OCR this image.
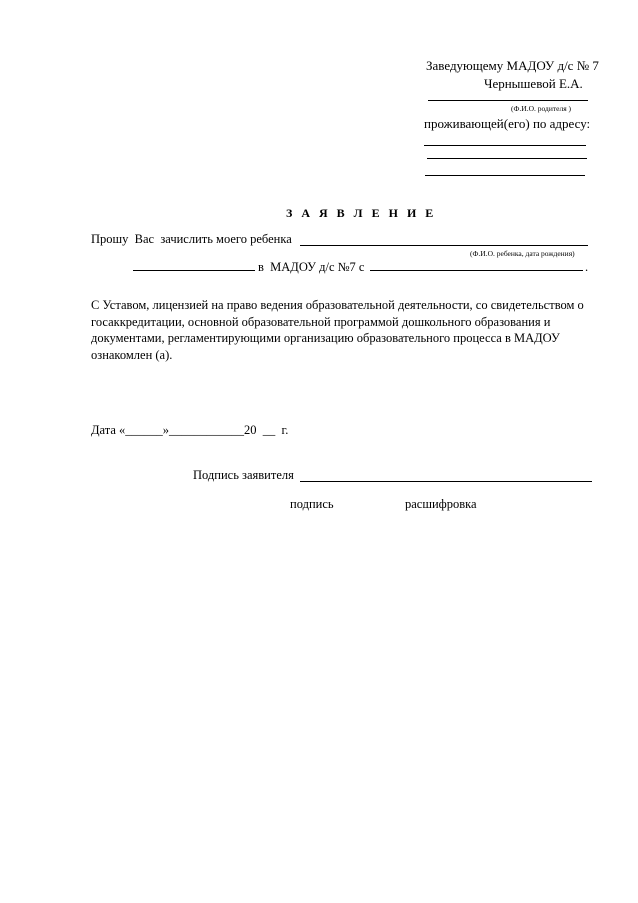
Заведующему МАДОУ д/с № 7
Чернышевой Е.А.
(Ф.И.О. родителя )
проживающей(его) по адресу:
З А Я В Л Е Н И Е
Прошу  Вас  зачислить моего ребенка
(Ф.И.О. ребенка, дата рождения)
в  МАДОУ д/с №7 с	.
С Уставом, лицензией на право ведения образовательной деятельности, со свидетельством о госаккредитации, основной образовательной программой дошкольного образования и документами, регламентирующими организацию образовательного процесса в МАДОУ ознакомлен (а).
Дата «______»____________20  __  г.
Подпись заявителя
подпись	расшифровка
